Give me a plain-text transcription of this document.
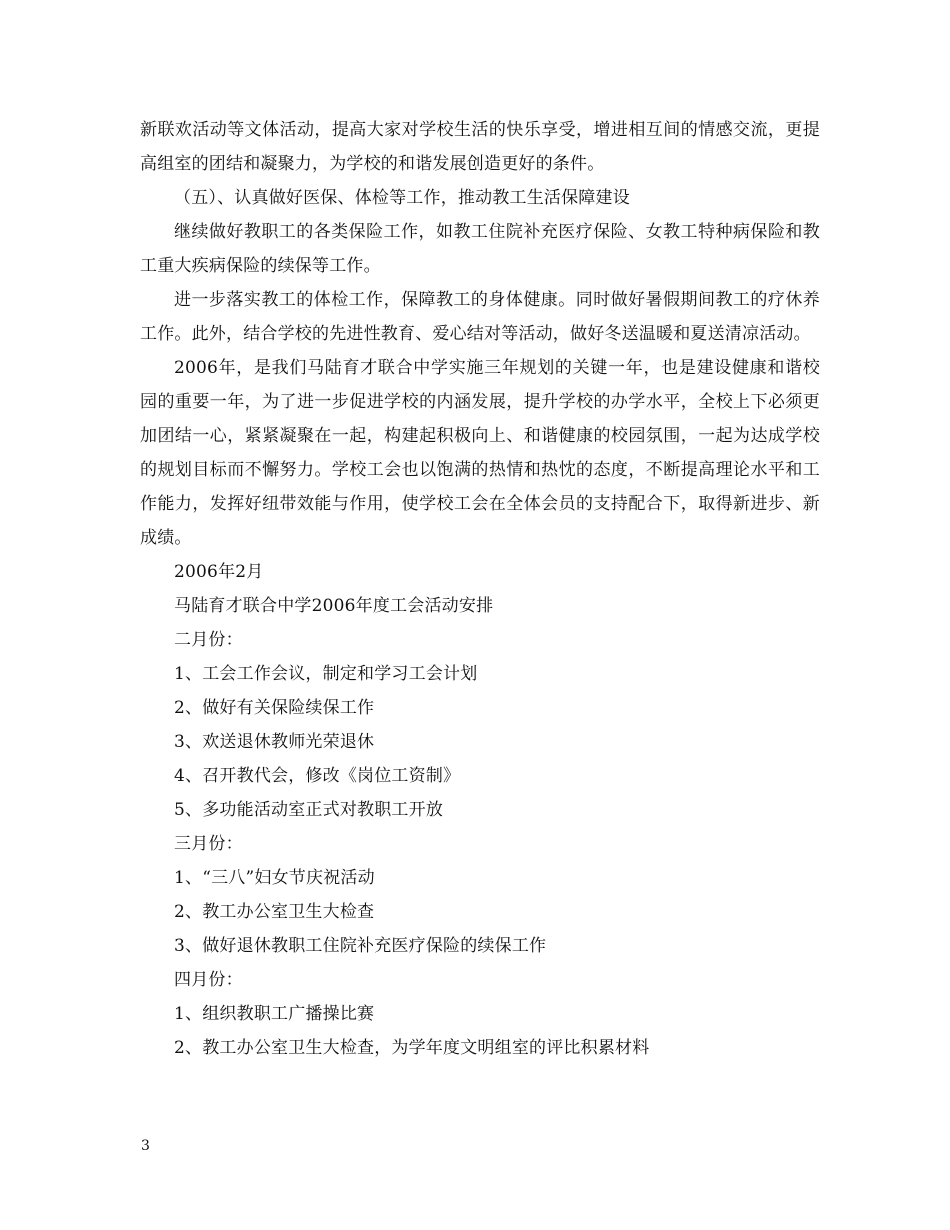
新联欢活动等文体活动，提高大家对学校生活的快乐享受，增进相互间的情感交流，更提高组室的团结和凝聚力，为学校的和谐发展创造更好的条件。

（五）、认真做好医保、体检等工作，推动教工生活保障建设

继续做好教职工的各类保险工作，如教工住院补充医疗保险、女教工特种病保险和教工重大疾病保险的续保等工作。

进一步落实教工的体检工作，保障教工的身体健康。同时做好暑假期间教工的疗休养工作。此外，结合学校的先进性教育、爱心结对等活动，做好冬送温暖和夏送清凉活动。

2006年，是我们马陆育才联合中学实施三年规划的关键一年，也是建设健康和谐校园的重要一年，为了进一步促进学校的内涵发展，提升学校的办学水平，全校上下必须更加团结一心，紧紧凝聚在一起，构建起积极向上、和谐健康的校园氛围，一起为达成学校的规划目标而不懈努力。学校工会也以饱满的热情和热忱的态度，不断提高理论水平和工作能力，发挥好纽带效能与作用，使学校工会在全体会员的支持配合下，取得新进步、新成绩。

2006年2月

马陆育才联合中学2006年度工会活动安排

二月份：

1、工会工作会议，制定和学习工会计划

2、做好有关保险续保工作

3、欢送退休教师光荣退休

4、召开教代会，修改《岗位工资制》

5、多功能活动室正式对教职工开放

三月份：

1、“三八”妇女节庆祝活动

2、教工办公室卫生大检查

3、做好退休教职工住院补充医疗保险的续保工作

四月份：

1、组织教职工广播操比赛

2、教工办公室卫生大检查，为学年度文明组室的评比积累材料

3
